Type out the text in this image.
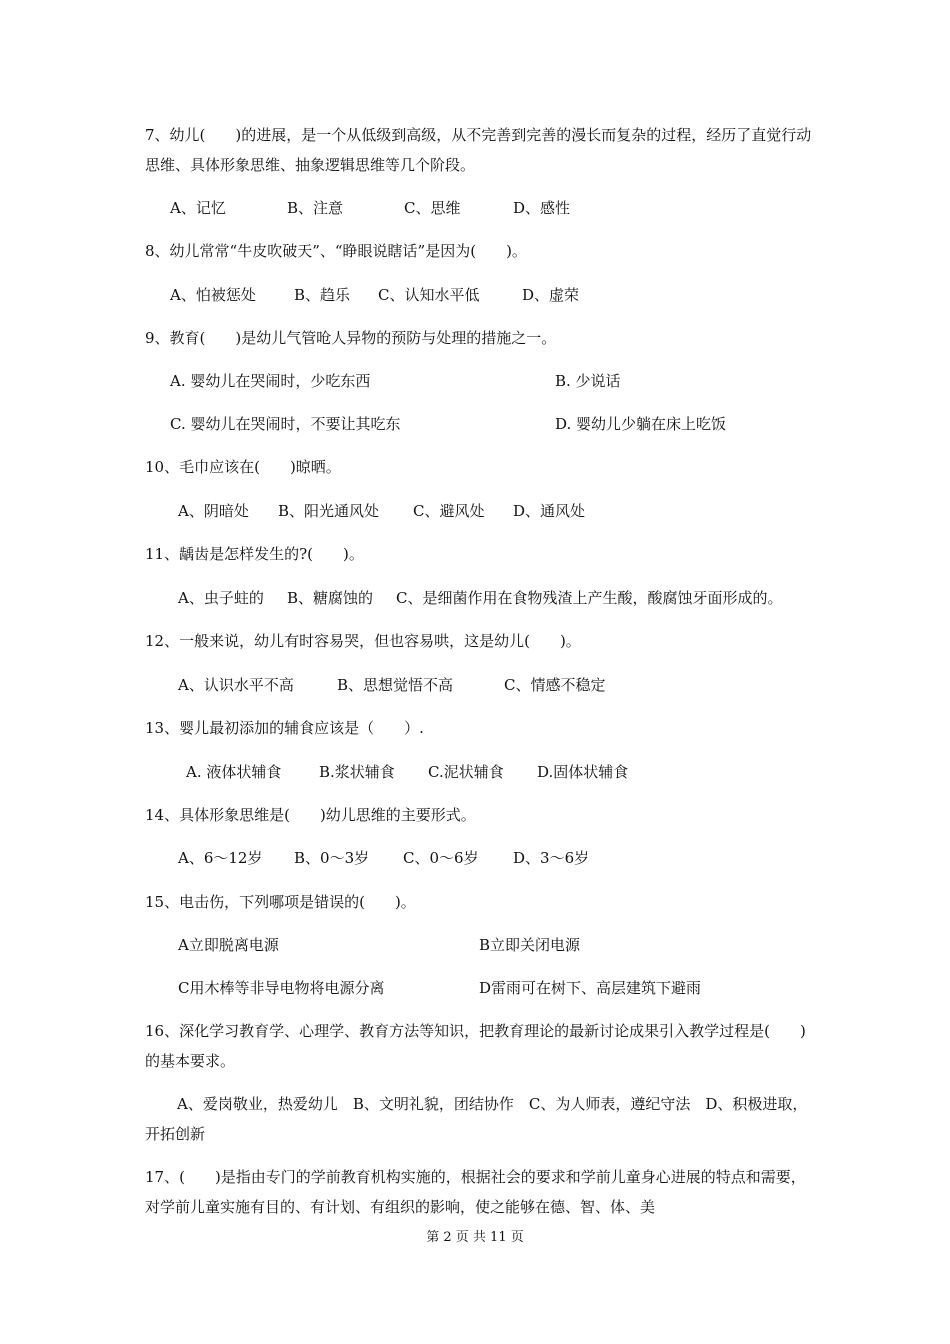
7、幼儿(　　)的进展，是一个从低级到高级，从不完善到完善的漫长而复杂的过程，经历了直觉行动思维、具体形象思维、抽象逻辑思维等几个阶段。
A、记忆	B、注意	C、思维	D、感性
8、幼儿常常“牛皮吹破天”、“睁眼说瞎话”是因为(　　)。
A、怕被惩处	B、趋乐 C、认知水平低	D、虚荣
9、教育(　　)是幼儿气管呛人异物的预防与处理的措施之一。
A. 婴幼儿在哭闹时，少吃东西	B. 少说话
C. 婴幼儿在哭闹时，不要让其吃东	D. 婴幼儿少躺在床上吃饭
10、毛巾应该在(　　)晾晒。
A、阴暗处 B、阳光通风处 C、避风处 D、通风处
11、龋齿是怎样发生的?(　　)。
A、虫子蛀的 B、糖腐蚀的 C、是细菌作用在食物残渣上产生酸，酸腐蚀牙面形成的。
12、一般来说，幼儿有时容易哭，但也容易哄，这是幼儿(　　)。
A、认识水平不高	B、思想觉悟不高	C、情感不稳定
13、婴儿最初添加的辅食应该是（　　）.
A. 液体状辅食	B.浆状辅食 C.泥状辅食 D.固体状辅食
14、具体形象思维是(　　)幼儿思维的主要形式。
A、6～12岁 B、0～3岁 C、0～6岁 D、3～6岁
15、电击伤，下列哪项是错误的(　　)。
A立即脱离电源	B立即关闭电源
C用木棒等非导电物将电源分离	D雷雨可在树下、高层建筑下避雨
16、深化学习教育学、心理学、教育方法等知识，把教育理论的最新讨论成果引入教学过程是(　　)的基本要求。
A、爱岗敬业，热爱幼儿　B、文明礼貌，团结协作　C、为人师表，遵纪守法　D、积极进取，开拓创新
17、(　　)是指由专门的学前教育机构实施的，根据社会的要求和学前儿童身心进展的特点和需要，对学前儿童实施有目的、有计划、有组织的影响，使之能够在德、智、体、美
第 2 页 共 11 页
